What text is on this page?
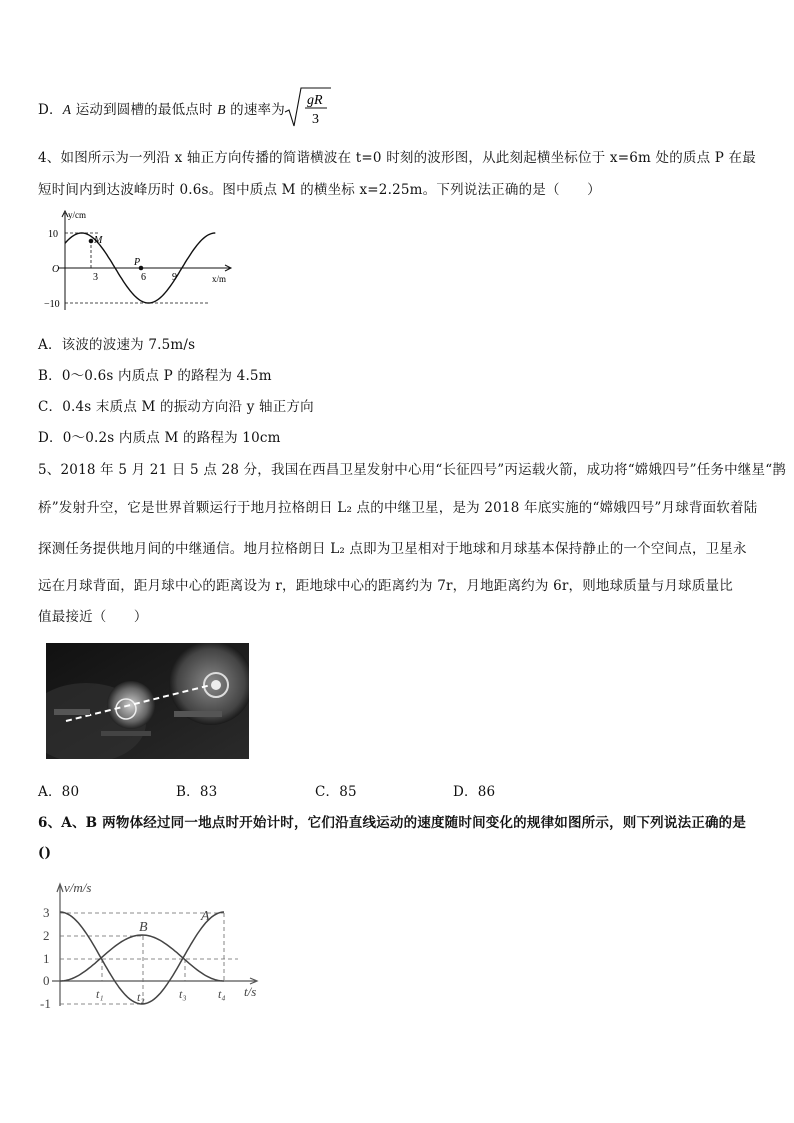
D．A 运动到圆槽的最低点时 B 的速率为
gR
3
4、如图所示为一列沿 x 轴正方向传播的简谐横波在 t=0 时刻的波形图，从此刻起横坐标位于 x=6m 处的质点 P 在最
短时间内到达波峰历时 0.6s。图中质点 M 的横坐标 x=2.25m。下列说法正确的是（　　）
y/cm
x/m
O
10
−10
3	6	9
M
P
A．该波的波速为 7.5m/s
B．0～0.6s 内质点 P 的路程为 4.5m
C．0.4s 末质点 M 的振动方向沿 y 轴正方向
D．0～0.2s 内质点 M 的路程为 10cm
5、2018 年 5 月 21 日 5 点 28 分，我国在西昌卫星发射中心用“长征四号”丙运载火箭，成功将“嫦娥四号”任务中继星“鹊
桥”发射升空，它是世界首颗运行于地月拉格朗日 L₂ 点的中继卫星，是为 2018 年底实施的“嫦娥四号”月球背面软着陆
探测任务提供地月间的中继通信。地月拉格朗日 L₂ 点即为卫星相对于地球和月球基本保持静止的一个空间点，卫星永
远在月球背面，距月球中心的距离设为 r，距地球中心的距离约为 7r，月地距离约为 6r，则地球质量与月球质量比
值最接近（　　）
A．80	B．83	C．85	D．86
6、A、B 两物体经过同一地点时开始计时，它们沿直线运动的速度随时间变化的规律如图所示，则下列说法正确的是
()
v/m/s
t/s
3
2
1
0
-1
t₁	t₂	t₃	t₄
A
B
